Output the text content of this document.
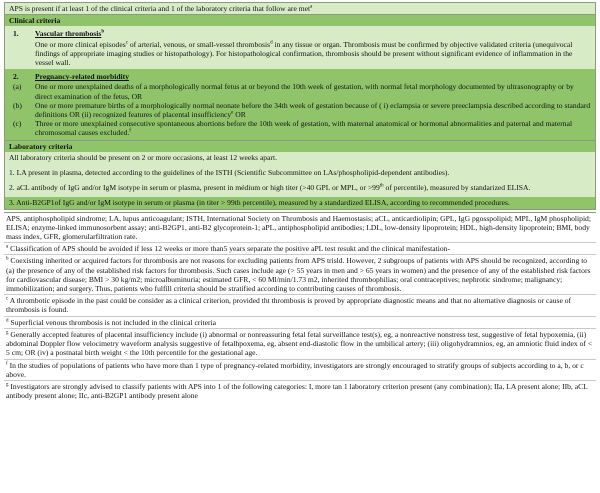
APS is present if at least 1 of the clinical criteria and 1 of the laboratory criteria that follow are met$^a$
Clinical criteria
1. Vascular thrombosis$^b$
One or more clinical episodes$^c$ of arterial, venous, or small-vessel thrombosis$^d$ in any tissue or organ. Thrombosis must be confirmed by objective validated criteria (unequivocal findings of appropriate imaging studies or histopathology). For histopathological confirmation, thrombosis should be present without significant evidence of inflammation in the vessel wall.
2. Pregnancy-related morbidity
(a)	One or more unexplained deaths of a morphologically normal fetus at or beyond the 10th week of gestation, with normal fetal morphology documented by ultrasonography or by direct examination of the fetus, OR
(b)	One or more premature births of a morphologically normal neonate before the 34th week of gestation because of ( i) eclampsia or severe preeclampsia described according to standard definitions OR (ii) recognized features of placental insufficiency$^e$ OR
(c)	Three or more unexplained consecutive spontaneous abortions before the 10th week of gestation, with maternal anatomical or hormonal abnormalities and paternal and maternal chromosomal causes excluded.$^f$
Laboratory criteria
All laboratory criteria should be present on 2 or more occasions, at least 12 weeks apart.
1. LA present in plasma, detected according to the guidelines of the ISTH (Scientific Subcommittee on LAs/phospholipid-dependent antibodies).
2. aCL antibody of IgG and/or IgM isotype in serum or plasma, present in médium or high titer (>40 GPL or MPL, or >99th of percentile), measured by standarized ELISA.
3. Anti-B2GP1of IgG and/or IgM isotype in serum or plasma (in titer > 99th percentile), measured by a standardized ELISA, according to recommended procedures.
APS, antiphospholipid sindrome; LA, lupus anticoagulant; ISTH, International Society on Thrombosis and Haemostasis; aCL, anticardiolipin; GPL, IgG pgosspolipid; MPL, IgM phospholipid; ELISA; enzyme-linked immunosorbent assay; anti-B2GP1, anti-B2 glycoprotein-1; aPL, antiphospholipid antibodies; LDL, low-density lipoprotein; HDL, high-density lipoprotein; BMI, body mass index, GFR, glomerularfiltration rate.
$^a$ Classification of APS should be avoided if less 12 weeks or more than5 years separate the positive aPL test resukt and the clinical manifestation-
$^b$ Coexisting inherited or acquired factors for thrombosis are not reasons for excluding patients from APS trisld. However, 2 subgroups of patients with APS should be recognized, according to (a) the presence of any of the established risk factors for thrombosis. Such cases include age (> 55 years in men and > 65 years in women) and the presence of any of the established risk factors for cardiovascular disease; BMI > 30 kg/m2; microalbuminuria; estimated GFR, < 60 Ml/min/1.73 m2, inherited thrombophilias; oral contraceptives; nephrotic sindrome; malignancy; immobilization; and surgery. Thus, patients who fulfill criteria should be stratified according to contributing causes of thrombosis.
$^c$ A thrombotic episode in the past could be consider as a clinical criterion, provided tht thrombosis is proved by appropriate diagnostic means and that no alternative diagnosis or cause of thrombosis is found.
$^d$ Superficial venous thrombosis is not included in the clinical criteria
$^g$ Generally accepted features of placental insufficiency include (i) abnormal or nonreassuring fetal fetal surveillance test(s), eg, a nonreactive nonstress test, suggestive of fetal hypoxemia, (ii) abdominal Doppler flow velocimetry waveform analysis suggestive of fetalhpoxema, eg, absent end-diastolic flow in the umbilical artery; (iii) oligohydramnios, eg, an amniotic fluid index of < 5 cm; OR (iv) a postnatal birth weight < the 10th percentile for the gestational age.
$^f$ In the studies of populations of patients who have more than 1 type of pregnancy-related morbidity, investigators are strongly encouraged to stratify groups of subjects according to a, b, or c above.
$^g$ Investigators are strongly advised to classify patients with APS into 1 of the following categories: I, more tan 1 laboratory criterion present (any combination); IIa, LA present alone; IIb, aCL antibody present alone; IIc, anti-B2GP1 antibody present alone
